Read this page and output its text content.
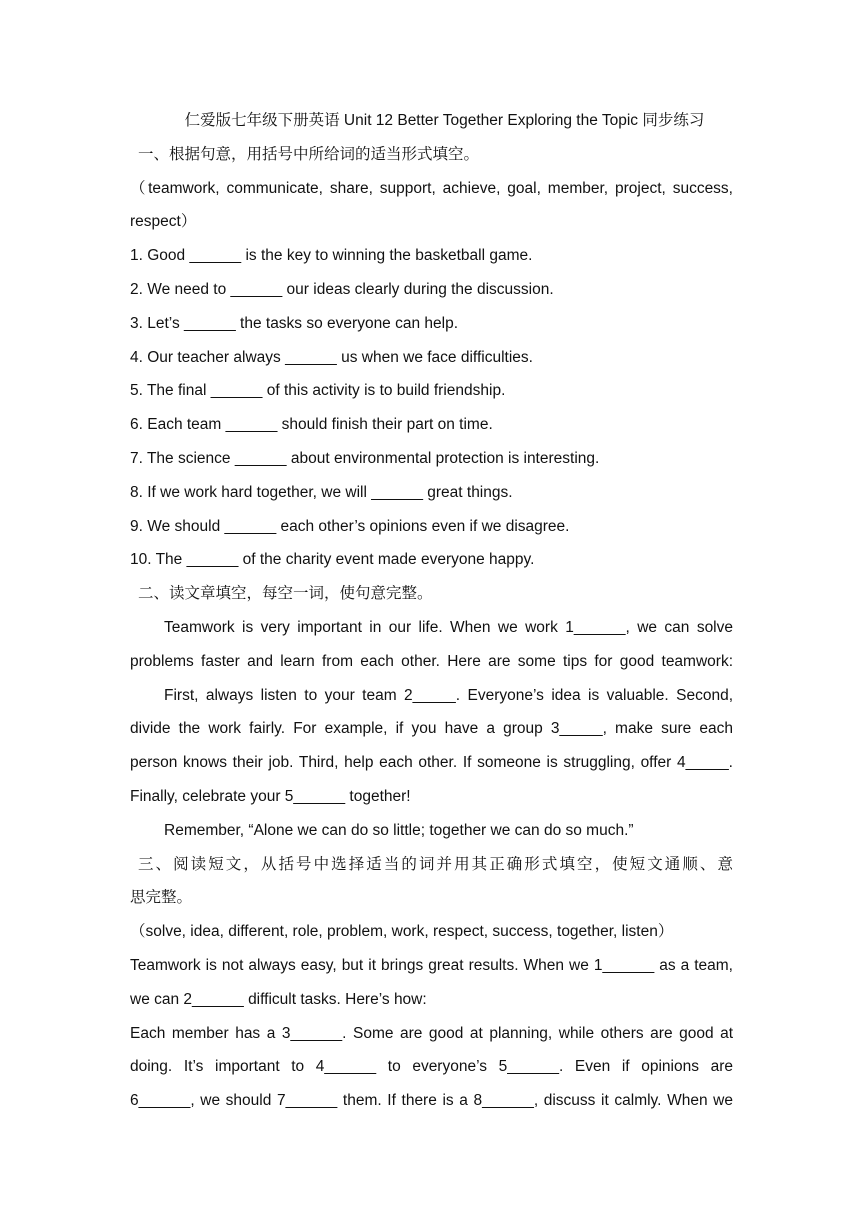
仁爱版七年级下册英语 Unit 12 Better Together Exploring the Topic 同步练习
一、根据句意，用括号中所给词的适当形式填空。
（teamwork, communicate, share, support, achieve, goal, member, project, success,
respect）
1. Good ______ is the key to winning the basketball game.
2. We need to ______ our ideas clearly during the discussion.
3. Let’s ______ the tasks so everyone can help.
4. Our teacher always ______ us when we face difficulties.
5. The final ______ of this activity is to build friendship.
6. Each team ______ should finish their part on time.
7. The science ______ about environmental protection is interesting.
8. If we work hard together, we will ______ great things.
9. We should ______ each other’s opinions even if we disagree.
10. The ______ of the charity event made everyone happy.
二、读文章填空，每空一词，使句意完整。
Teamwork is very important in our life. When we work 1______, we can solve
problems faster and learn from each other. Here are some tips for good teamwork:
First, always listen to your team 2_____. Everyone’s idea is valuable. Second,
divide the work fairly. For example, if you have a group 3_____, make sure each
person knows their job. Third, help each other. If someone is struggling, offer 4_____.
Finally, celebrate your 5______ together!
Remember, “Alone we can do so little; together we can do so much.”
三、阅读短文，从括号中选择适当的词并用其正确形式填空，使短文通顺、意
思完整。
（solve, idea, different, role, problem, work, respect, success, together, listen）
Teamwork is not always easy, but it brings great results. When we 1______ as a team,
we can 2______ difficult tasks. Here’s how:
Each member has a 3______. Some are good at planning, while others are good at
doing. It’s important to 4______ to everyone’s 5______. Even if opinions are
6______, we should 7______ them. If there is a 8______, discuss it calmly. When we
